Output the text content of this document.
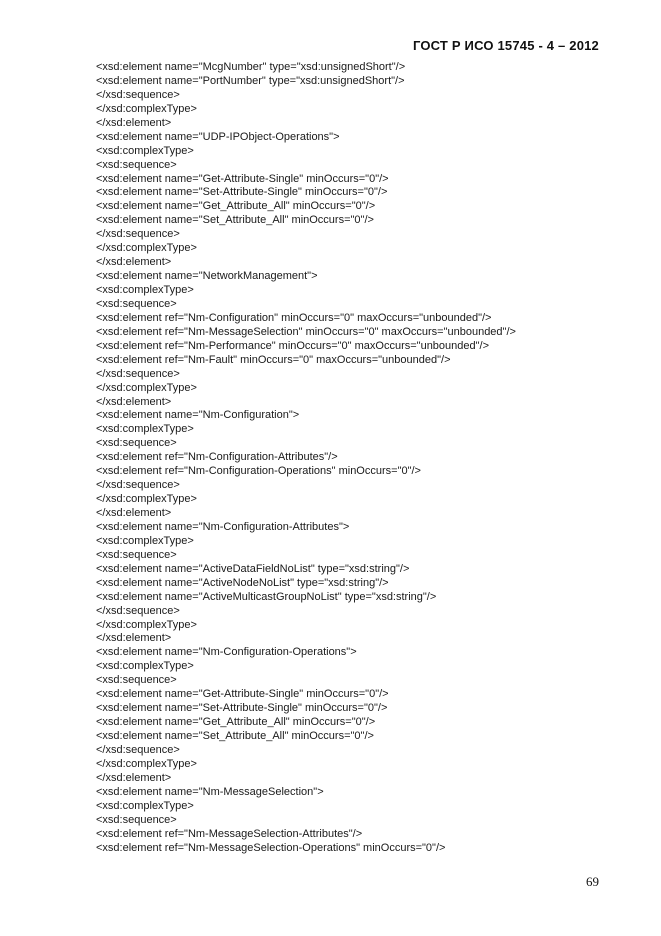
ГОСТ Р ИСО 15745 - 4 – 2012
<xsd:element name="McgNumber" type="xsd:unsignedShort"/>
<xsd:element name="PortNumber" type="xsd:unsignedShort"/>
</xsd:sequence>
</xsd:complexType>
</xsd:element>
<xsd:element name="UDP-IPObject-Operations">
<xsd:complexType>
<xsd:sequence>
<xsd:element name="Get-Attribute-Single" minOccurs="0"/>
<xsd:element name="Set-Attribute-Single" minOccurs="0"/>
<xsd:element name="Get_Attribute_All" minOccurs="0"/>
<xsd:element name="Set_Attribute_All" minOccurs="0"/>
</xsd:sequence>
</xsd:complexType>
</xsd:element>
<xsd:element name="NetworkManagement">
<xsd:complexType>
<xsd:sequence>
<xsd:element ref="Nm-Configuration" minOccurs="0" maxOccurs="unbounded"/>
<xsd:element ref="Nm-MessageSelection" minOccurs="0" maxOccurs="unbounded"/>
<xsd:element ref="Nm-Performance" minOccurs="0" maxOccurs="unbounded"/>
<xsd:element ref="Nm-Fault" minOccurs="0" maxOccurs="unbounded"/>
</xsd:sequence>
</xsd:complexType>
</xsd:element>
<xsd:element name="Nm-Configuration">
<xsd:complexType>
<xsd:sequence>
<xsd:element ref="Nm-Configuration-Attributes"/>
<xsd:element ref="Nm-Configuration-Operations" minOccurs="0"/>
</xsd:sequence>
</xsd:complexType>
</xsd:element>
<xsd:element name="Nm-Configuration-Attributes">
<xsd:complexType>
<xsd:sequence>
<xsd:element name="ActiveDataFieldNoList" type="xsd:string"/>
<xsd:element name="ActiveNodeNoList" type="xsd:string"/>
<xsd:element name="ActiveMulticastGroupNoList" type="xsd:string"/>
</xsd:sequence>
</xsd:complexType>
</xsd:element>
<xsd:element name="Nm-Configuration-Operations">
<xsd:complexType>
<xsd:sequence>
<xsd:element name="Get-Attribute-Single" minOccurs="0"/>
<xsd:element name="Set-Attribute-Single" minOccurs="0"/>
<xsd:element name="Get_Attribute_All" minOccurs="0"/>
<xsd:element name="Set_Attribute_All" minOccurs="0"/>
</xsd:sequence>
</xsd:complexType>
</xsd:element>
<xsd:element name="Nm-MessageSelection">
<xsd:complexType>
<xsd:sequence>
<xsd:element ref="Nm-MessageSelection-Attributes"/>
<xsd:element ref="Nm-MessageSelection-Operations" minOccurs="0"/>
69
